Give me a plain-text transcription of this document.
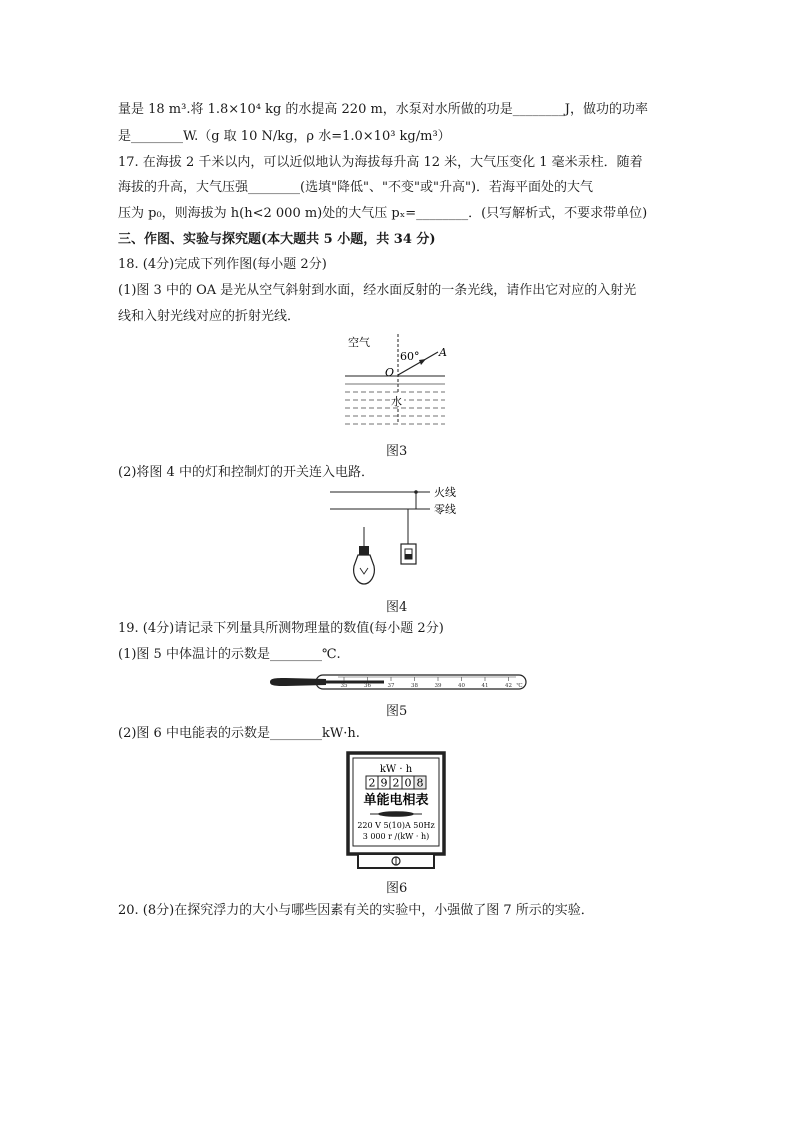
量是 18 m³.将 1.8×10⁴ kg 的水提高 220 m，水泵对水所做的功是________J，做功的功率
是________W.（g 取 10 N/kg，ρ 水=1.0×10³ kg/m³）
17. 在海拔 2 千米以内，可以近似地认为海拔每升高 12 米，大气压变化 1 毫米汞柱．随着
海拔的升高，大气压强________(选填"降低"、"不变"或"升高")．若海平面处的大气
压为 p₀，则海拔为 h(h<2 000 m)处的大气压 pₓ=________．(只写解析式，不要求带单位)
三、作图、实验与探究题(本大题共 5 小题，共 34 分)
18. (4分)完成下列作图(每小题 2分)
(1)图 3 中的 OA 是光从空气斜射到水面，经水面反射的一条光线，请作出它对应的入射光
线和入射光线对应的折射光线．
空气
60°
O
A
水
图3
(2)将图 4 中的灯和控制灯的开关连入电路．
火线
零线
图4
19. (4分)请记录下列量具所测物理量的数值(每小题 2分)
(1)图 5 中体温计的示数是________℃.
35	36	37	38	39	40	41	42 ℃
图5
(2)图 6 中电能表的示数是________kW·h.
kW · h
2 9 2 0 8
单能电相表
220 V 5(10)A 50Hz
3 000 r /(kW · h)
图6
20. (8分)在探究浮力的大小与哪些因素有关的实验中，小强做了图 7 所示的实验．
